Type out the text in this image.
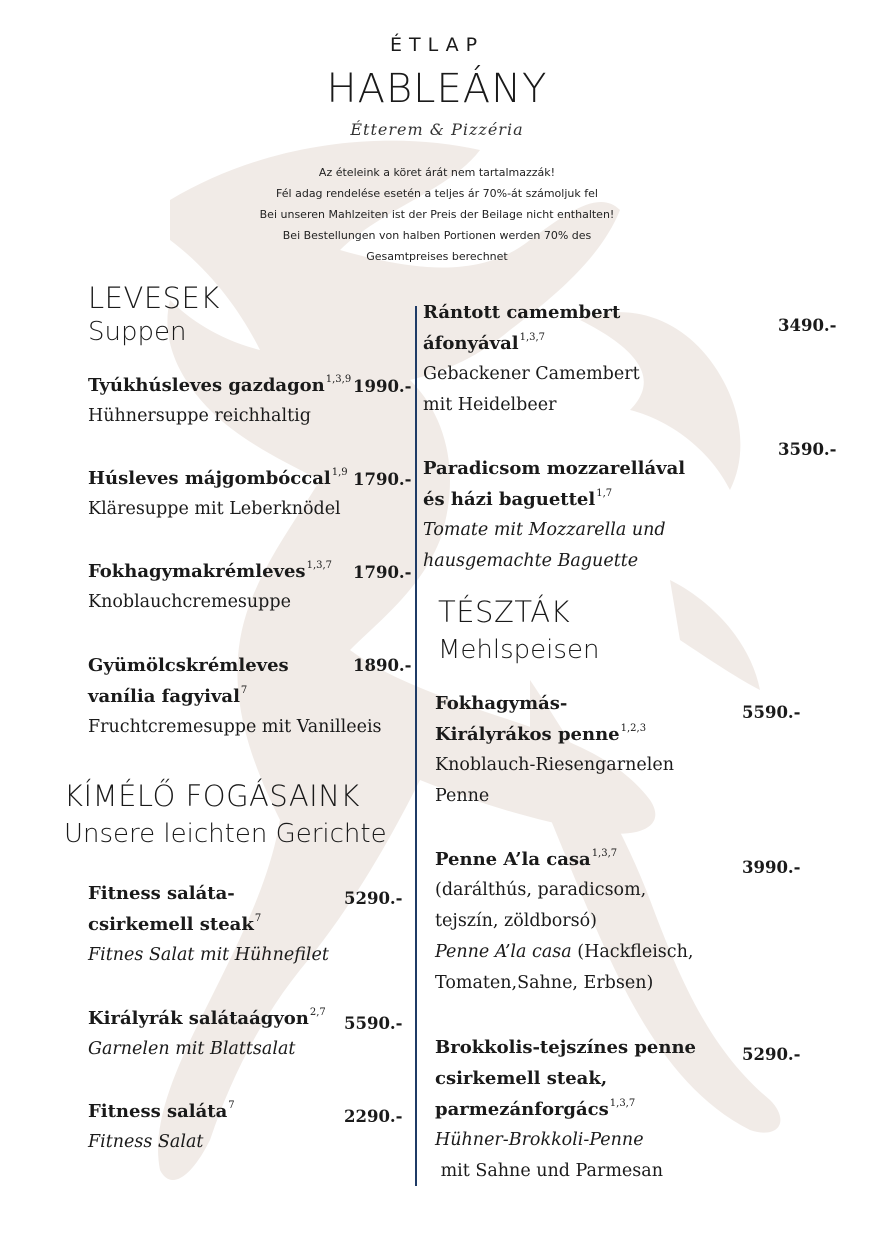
ÉTLAP
HABLEÁNY
Étterem & Pizzéria
Az ételeink a köret árát nem tartalmazzák!
Fél adag rendelése esetén a teljes ár 70%-át számoljuk fel
Bei unseren Mahlzeiten ist der Preis der Beilage nicht enthalten!
Bei Bestellungen von halben Portionen werden 70% des
Gesamtpreises berechnet
LEVESEK
Suppen
Tyúkhúsleves gazdagon$^{1,3,9}$
Hühnersuppe reichhaltig
1990.-
Húsleves májgombóccal$^{1,9}$
Kläresuppe mit Leberknödel
1790.-
Fokhagymakrémleves$^{1,3,7}$
Knoblauchcremesuppe
1790.-
Gyümölcskrémleves
vanília fagyival$^7$
Fruchtcremesuppe mit Vanilleeis
1890.-
KÍMÉLŐ FOGÁSAINK
Unsere leichten Gerichte
Fitness saláta-
csirkemell steak$^7$
Fitnes Salat mit Hühnefilet
5290.-
Királyrák salátaágyon$^{2,7}$
Garnelen mit Blattsalat
5590.-
Fitness saláta$^7$
Fitness Salat
2290.-
Rántott camembert
áfonyával$^{1,3,7}$
Gebackener Camembert
mit Heidelbeer
3490.-
Paradicsom mozzarellával
és házi baguettel$^{1,7}$
Tomate mit Mozzarella und
hausgemachte Baguette
3590.-
TÉSZTÁK
Mehlspeisen
Fokhagymás-
Királyrákos penne$^{1,2,3}$
Knoblauch-Riesengarnelen
Penne
5590.-
Penne A’la casa$^{1,3,7}$
(darálthús, paradicsom,
tejszín, zöldborsó)
Penne A’la casa (Hackfleisch,
Tomaten,Sahne, Erbsen)
3990.-
Brokkolis-tejszínes penne
csirkemell steak,
parmezánforgács$^{1,3,7}$
Hühner-Brokkoli-Penne
mit Sahne und Parmesan
5290.-
